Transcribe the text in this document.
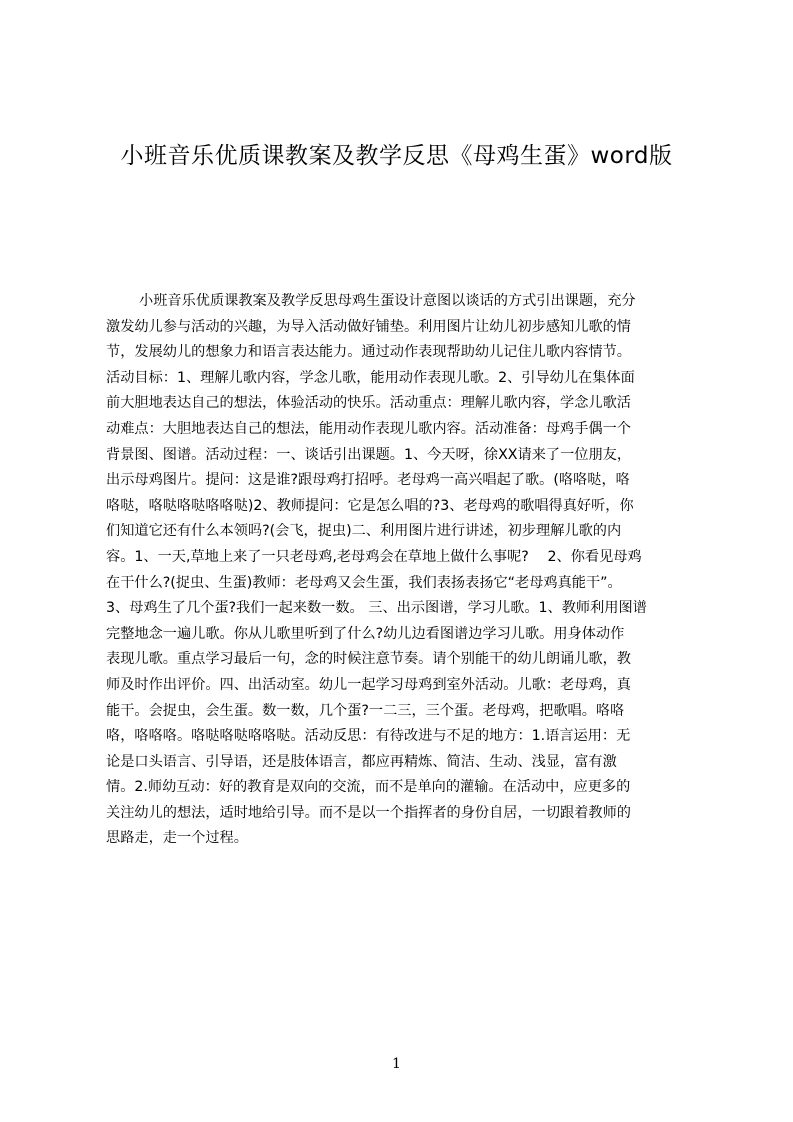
小班音乐优质课教案及教学反思《母鸡生蛋》word版
小班音乐优质课教案及教学反思母鸡生蛋设计意图以谈话的方式引出课题，充分
激发幼儿参与活动的兴趣，为导入活动做好铺垫。利用图片让幼儿初步感知儿歌的情
节，发展幼儿的想象力和语言表达能力。通过动作表现帮助幼儿记住儿歌内容情节。
活动目标：1、理解儿歌内容，学念儿歌，能用动作表现儿歌。2、引导幼儿在集体面
前大胆地表达自己的想法，体验活动的快乐。活动重点：理解儿歌内容，学念儿歌活
动难点：大胆地表达自己的想法，能用动作表现儿歌内容。活动准备：母鸡手偶一个
背景图、图谱。活动过程：一、谈话引出课题。1、今天呀，徐XX请来了一位朋友，
出示母鸡图片。提问：这是谁?跟母鸡打招呼。老母鸡一高兴唱起了歌。(咯咯哒，咯
咯哒，咯哒咯哒咯咯哒)2、教师提问：它是怎么唱的?3、老母鸡的歌唱得真好听，你
们知道它还有什么本领吗?(会飞，捉虫)二、利用图片进行讲述，初步理解儿歌的内
容。1、一天,草地上来了一只老母鸡,老母鸡会在草地上做什么事呢?　 2、你看见母鸡
在干什么?(捉虫、生蛋)教师：老母鸡又会生蛋，我们表扬表扬它“老母鸡真能干”。
3、母鸡生了几个蛋?我们一起来数一数。 三、出示图谱，学习儿歌。1、教师利用图谱
完整地念一遍儿歌。你从儿歌里听到了什么?幼儿边看图谱边学习儿歌。用身体动作
表现儿歌。重点学习最后一句，念的时候注意节奏。请个别能干的幼儿朗诵儿歌，教
师及时作出评价。四、出活动室。幼儿一起学习母鸡到室外活动。儿歌：老母鸡，真
能干。会捉虫，会生蛋。数一数，几个蛋?一二三，三个蛋。老母鸡，把歌唱。咯咯
咯，咯咯咯。咯哒咯哒咯咯哒。活动反思：有待改进与不足的地方：1.语言运用：无
论是口头语言、引导语，还是肢体语言，都应再精炼、简洁、生动、浅显，富有激
情。2.师幼互动：好的教育是双向的交流，而不是单向的灌输。在活动中，应更多的
关注幼儿的想法，适时地给引导。而不是以一个指挥者的身份自居，一切跟着教师的
思路走，走一个过程。
1
